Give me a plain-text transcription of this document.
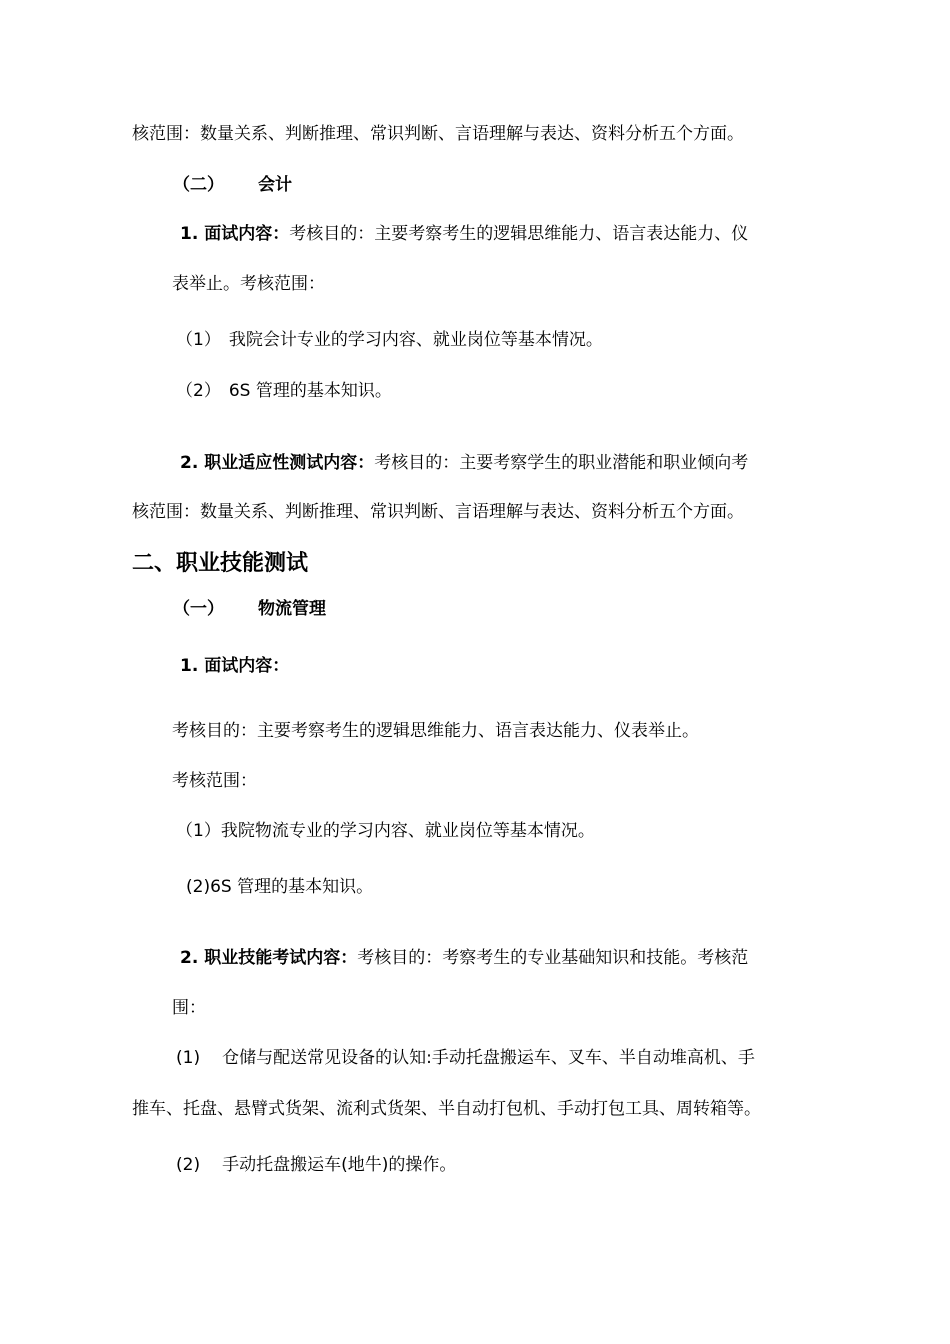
核范围：数量关系、判断推理、常识判断、言语理解与表达、资料分析五个方面。
（二） 会计
1. 面试内容：考核目的：主要考察考生的逻辑思维能力、语言表达能力、仪
表举止。考核范围：
（1） 我院会计专业的学习内容、就业岗位等基本情况。
（2） 6S 管理的基本知识。
2. 职业适应性测试内容：考核目的：主要考察学生的职业潜能和职业倾向考
核范围：数量关系、判断推理、常识判断、言语理解与表达、资料分析五个方面。
二、职业技能测试
（一） 物流管理
1. 面试内容：
考核目的：主要考察考生的逻辑思维能力、语言表达能力、仪表举止。
考核范围：
（1）我院物流专业的学习内容、就业岗位等基本情况。
(2)6S 管理的基本知识。
2. 职业技能考试内容：考核目的：考察考生的专业基础知识和技能。考核范
围：
(1) 仓储与配送常见设备的认知:手动托盘搬运车、叉车、半自动堆高机、手
推车、托盘、悬臂式货架、流利式货架、半自动打包机、手动打包工具、周转箱等。
(2) 手动托盘搬运车(地牛)的操作。
